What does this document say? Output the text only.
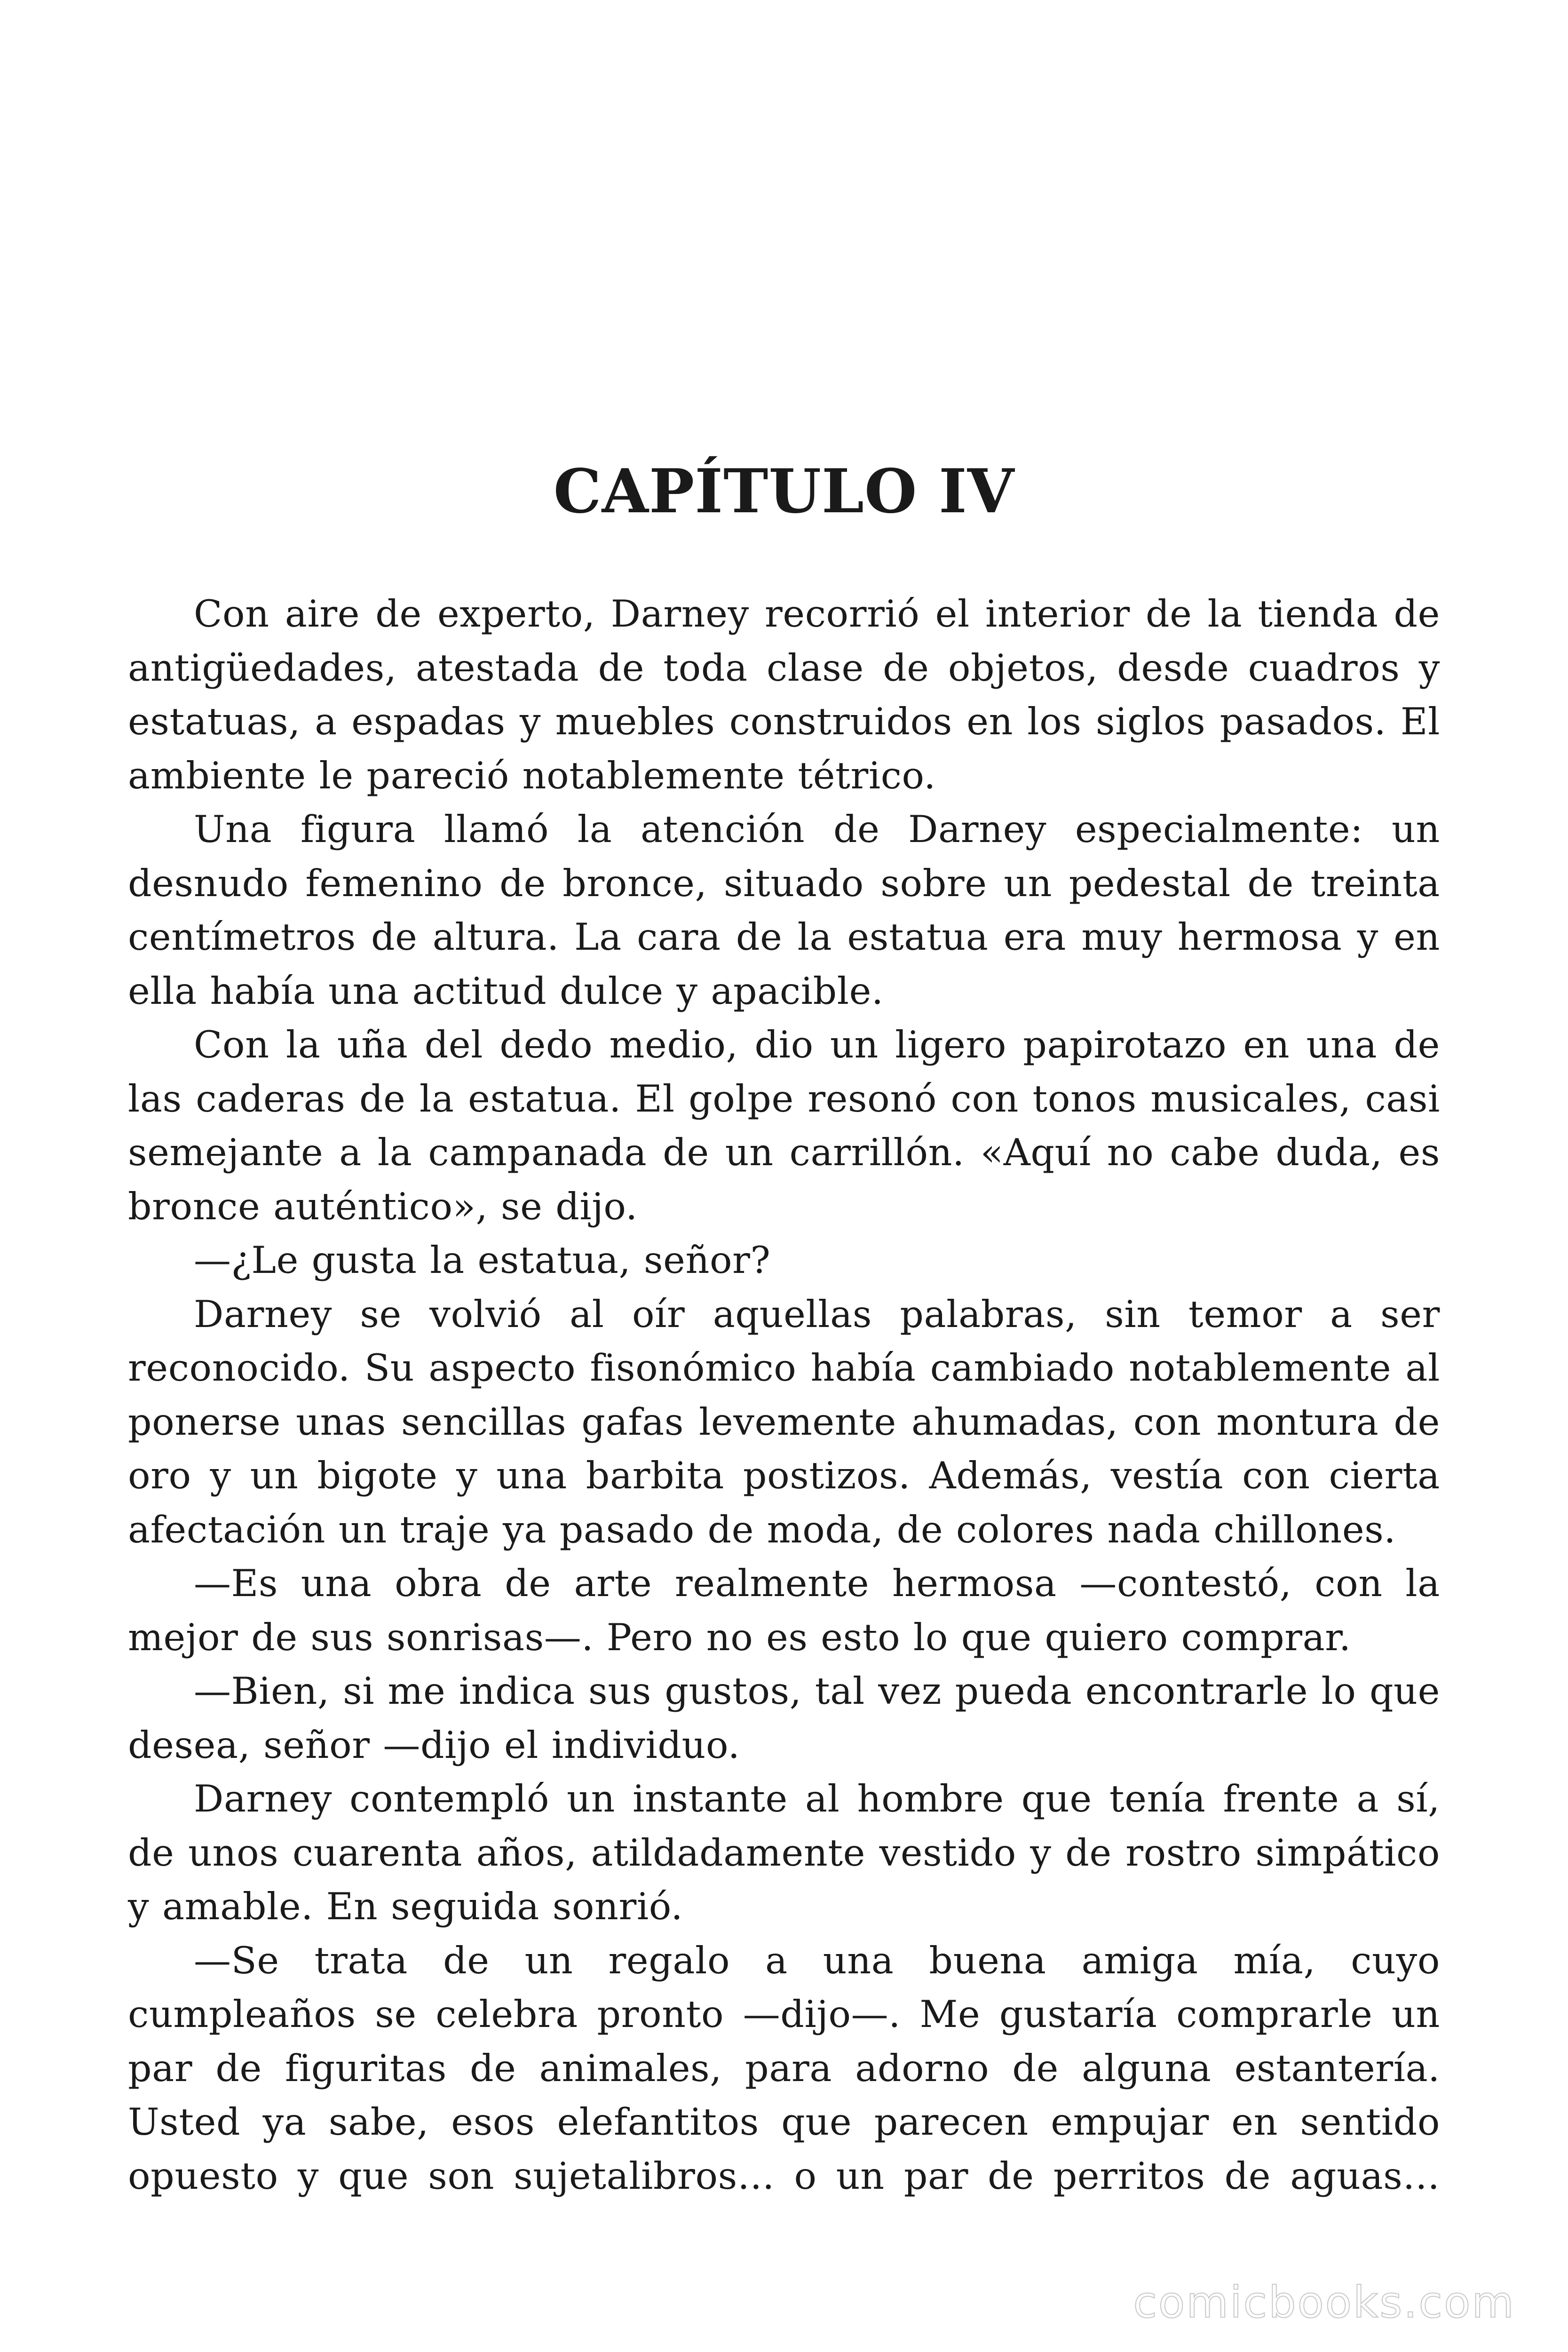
CAPÍTULO IV

Con aire de experto, Darney recorrió el interior de la tienda de antigüedades, atestada de toda clase de objetos, desde cuadros y estatuas, a espadas y muebles construidos en los siglos pasados. El ambiente le pareció notablemente tétrico.

Una figura llamó la atención de Darney especialmente: un desnudo femenino de bronce, situado sobre un pedestal de treinta centímetros de altura. La cara de la estatua era muy hermosa y en ella había una actitud dulce y apacible.

Con la uña del dedo medio, dio un ligero papirotazo en una de las caderas de la estatua. El golpe resonó con tonos musicales, casi semejante a la campanada de un carrillón. «Aquí no cabe duda, es bronce auténtico», se dijo.

—¿Le gusta la estatua, señor?

Darney se volvió al oír aquellas palabras, sin temor a ser reconocido. Su aspecto fisonómico había cambiado notablemente al ponerse unas sencillas gafas levemente ahumadas, con montura de oro y un bigote y una barbita postizos. Además, vestía con cierta afectación un traje ya pasado de moda, de colores nada chillones.

—Es una obra de arte realmente hermosa —contestó, con la mejor de sus sonrisas—. Pero no es esto lo que quiero comprar.

—Bien, si me indica sus gustos, tal vez pueda encontrarle lo que desea, señor —dijo el individuo.

Darney contempló un instante al hombre que tenía frente a sí, de unos cuarenta años, atildadamente vestido y de rostro simpático y amable. En seguida sonrió.

—Se trata de un regalo a una buena amiga mía, cuyo cumpleaños se celebra pronto —dijo—. Me gustaría comprarle un par de figuritas de animales, para adorno de alguna estantería. Usted ya sabe, esos elefantitos que parecen empujar en sentido opuesto y que son sujetalibros… o un par de perritos de aguas…

comicbooks.com
